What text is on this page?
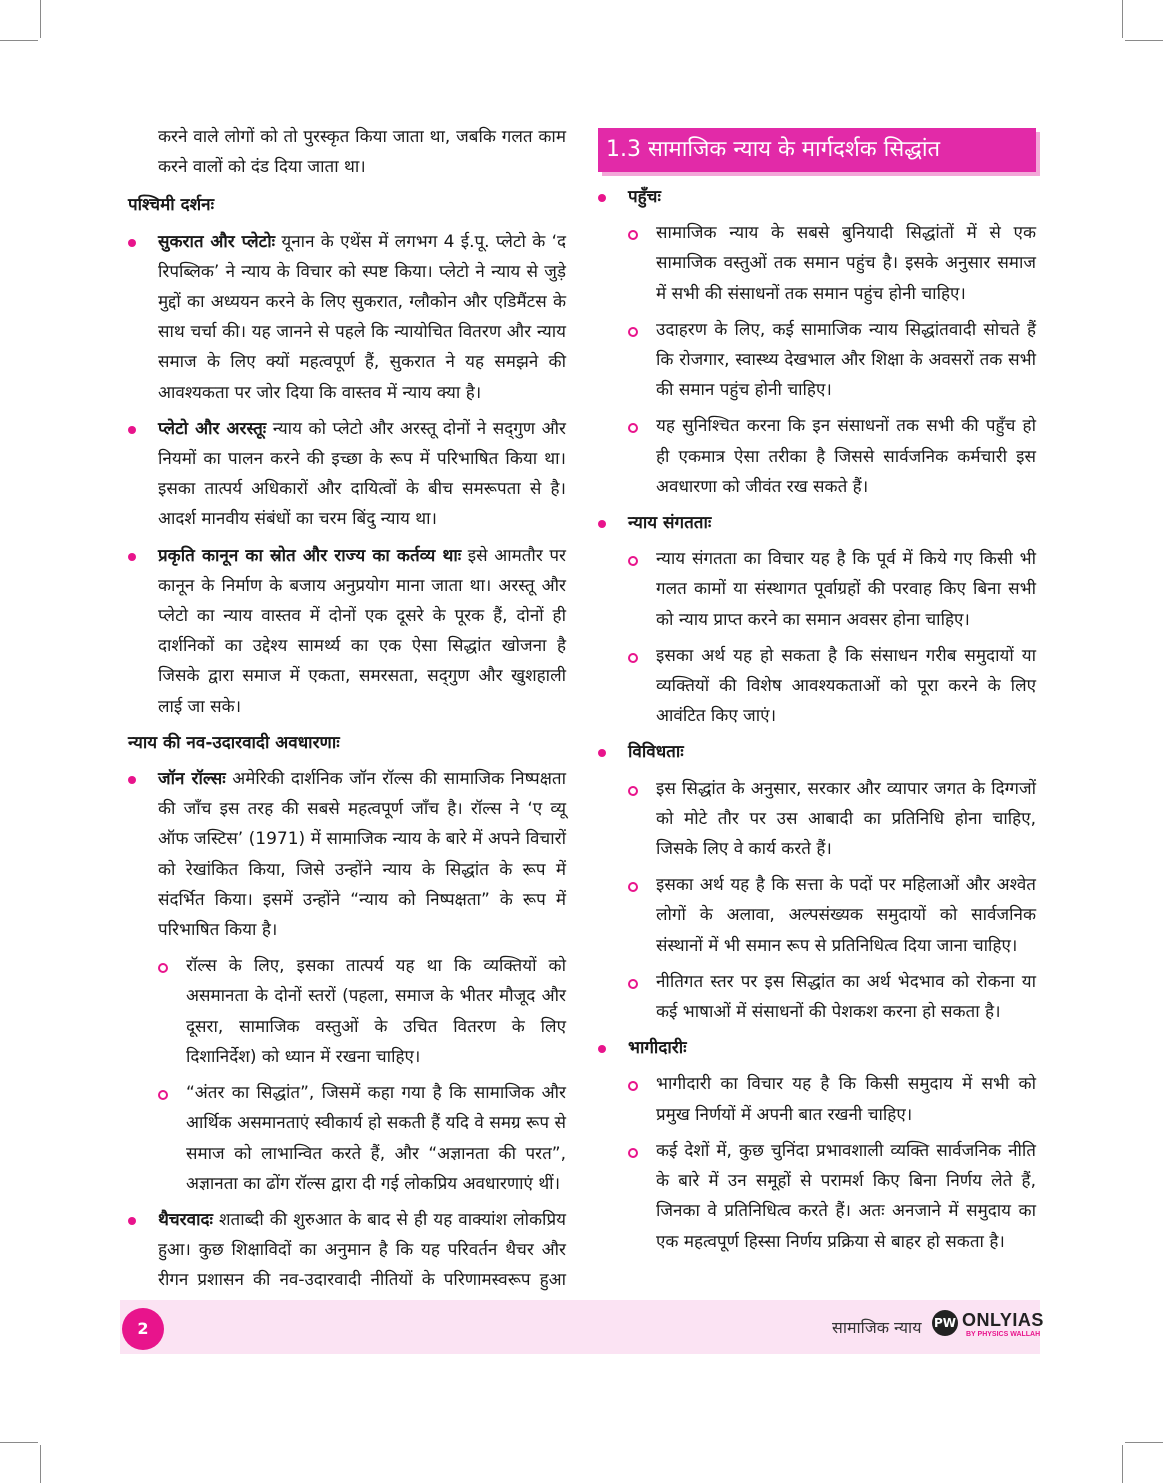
करने वाले लोगों को तो पुरस्कृत किया जाता था, जबकि गलत काम करने वालों को दंड दिया जाता था।

पश्चिमी दर्शनः

सुकरात और प्लेटोः यूनान के एथेंस में लगभग 4 ई.पू. प्लेटो के ‘द रिपब्लिक’ ने न्याय के विचार को स्पष्ट किया। प्लेटो ने न्याय से जुड़े मुद्दों का अध्ययन करने के लिए सुकरात, ग्लौकोन और एडिमैंटस के साथ चर्चा की। यह जानने से पहले कि न्यायोचित वितरण और न्याय समाज के लिए क्यों महत्वपूर्ण हैं, सुकरात ने यह समझने की आवश्यकता पर जोर दिया कि वास्तव में न्याय क्या है।

प्लेटो और अरस्तूः न्याय को प्लेटो और अरस्तू दोनों ने सद्‌गुण और नियमों का पालन करने की इच्छा के रूप में परिभाषित किया था। इसका तात्पर्य अधिकारों और दायित्वों के बीच समरूपता से है। आदर्श मानवीय संबंधों का चरम बिंदु न्याय था।

प्रकृति कानून का स्रोत और राज्य का कर्तव्य थाः इसे आमतौर पर कानून के निर्माण के बजाय अनुप्रयोग माना जाता था। अरस्तू और प्लेटो का न्याय वास्तव में दोनों एक दूसरे के पूरक हैं, दोनों ही दार्शनिकों का उद्देश्य सामर्थ्य का एक ऐसा सिद्धांत खोजना है जिसके द्वारा समाज में एकता, समरसता, सद्‌गुण और खुशहाली लाई जा सके।

न्याय की नव-उदारवादी अवधारणाः

जॉन रॉल्सः अमेरिकी दार्शनिक जॉन रॉल्स की सामाजिक निष्पक्षता की जाँच इस तरह की सबसे महत्वपूर्ण जाँच है। रॉल्स ने ‘ए व्यू ऑफ जस्टिस’ (1971) में सामाजिक न्याय के बारे में अपने विचारों को रेखांकित किया, जिसे उन्होंने न्याय के सिद्धांत के रूप में संदर्भित किया। इसमें उन्होंने “न्याय को निष्पक्षता” के रूप में परिभाषित किया है।

रॉल्स के लिए, इसका तात्पर्य यह था कि व्यक्तियों को असमानता के दोनों स्तरों (पहला, समाज के भीतर मौजूद और दूसरा, सामाजिक वस्तुओं के उचित वितरण के लिए दिशानिर्देश) को ध्यान में रखना चाहिए।

“अंतर का सिद्धांत”, जिसमें कहा गया है कि सामाजिक और आर्थिक असमानताएं स्वीकार्य हो सकती हैं यदि वे समग्र रूप से समाज को लाभान्वित करते हैं, और “अज्ञानता की परत”, अज्ञानता का ढोंग रॉल्स द्वारा दी गई लोकप्रिय अवधारणाएं थीं।

थैचरवादः शताब्दी की शुरुआत के बाद से ही यह वाक्यांश लोकप्रिय हुआ। कुछ शिक्षाविदों का अनुमान है कि यह परिवर्तन थैचर और रीगन प्रशासन की नव-उदारवादी नीतियों के परिणामस्वरूप हुआ

1.3 सामाजिक न्याय के मार्गदर्शक सिद्धांत

पहुँचः

सामाजिक न्याय के सबसे बुनियादी सिद्धांतों में से एक सामाजिक वस्तुओं तक समान पहुंच है। इसके अनुसार समाज में सभी की संसाधनों तक समान पहुंच होनी चाहिए।

उदाहरण के लिए, कई सामाजिक न्याय सिद्धांतवादी सोचते हैं कि रोजगार, स्वास्थ्य देखभाल और शिक्षा के अवसरों तक सभी की समान पहुंच होनी चाहिए।

यह सुनिश्चित करना कि इन संसाधनों तक सभी की पहुँच हो ही एकमात्र ऐसा तरीका है जिससे सार्वजनिक कर्मचारी इस अवधारणा को जीवंत रख सकते हैं।

न्याय संगतताः

न्याय संगतता का विचार यह है कि पूर्व में किये गए किसी भी गलत कामों या संस्थागत पूर्वाग्रहों की परवाह किए बिना सभी को न्याय प्राप्त करने का समान अवसर होना चाहिए।

इसका अर्थ यह हो सकता है कि संसाधन गरीब समुदायों या व्यक्तियों की विशेष आवश्यकताओं को पूरा करने के लिए आवंटित किए जाएं।

विविधताः

इस सिद्धांत के अनुसार, सरकार और व्यापार जगत के दिग्गजों को मोटे तौर पर उस आबादी का प्रतिनिधि होना चाहिए, जिसके लिए वे कार्य करते हैं।

इसका अर्थ यह है कि सत्ता के पदों पर महिलाओं और अश्वेत लोगों के अलावा, अल्पसंख्यक समुदायों को सार्वजनिक संस्थानों में भी समान रूप से प्रतिनिधित्व दिया जाना चाहिए।

नीतिगत स्तर पर इस सिद्धांत का अर्थ भेदभाव को रोकना या कई भाषाओं में संसाधनों की पेशकश करना हो सकता है।

भागीदारीः

भागीदारी का विचार यह है कि किसी समुदाय में सभी को प्रमुख निर्णयों में अपनी बात रखनी चाहिए।

कई देशों में, कुछ चुनिंदा प्रभावशाली व्यक्ति सार्वजनिक नीति के बारे में उन समूहों से परामर्श किए बिना निर्णय लेते हैं, जिनका वे प्रतिनिधित्व करते हैं। अतः अनजाने में समुदाय का एक महत्वपूर्ण हिस्सा निर्णय प्रक्रिया से बाहर हो सकता है।

2	सामाजिक न्याय PW ONLYIAS
BY PHYSICS WALLAH
